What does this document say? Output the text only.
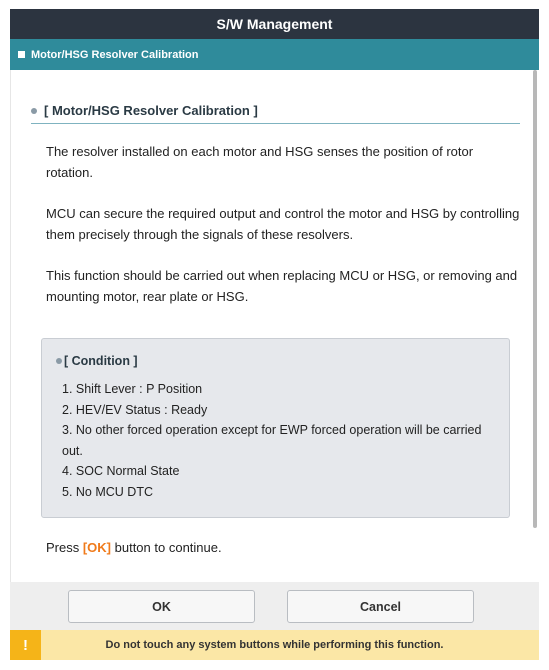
S/W Management
Motor/HSG Resolver Calibration
[ Motor/HSG Resolver Calibration ]

The resolver installed on each motor and HSG senses the position of rotor rotation.

MCU can secure the required output and control the motor and HSG by controlling them precisely through the signals of these resolvers.

This function should be carried out when replacing MCU or HSG, or removing and mounting motor, rear plate or HSG.

[ Condition ]
1. Shift Lever : P Position
2. HEV/EV Status : Ready
3. No other forced operation except for EWP forced operation will be carried out.
4. SOC Normal State
5. No MCU DTC

Press [OK] button to continue.

OK	Cancel
!	Do not touch any system buttons while performing this function.
